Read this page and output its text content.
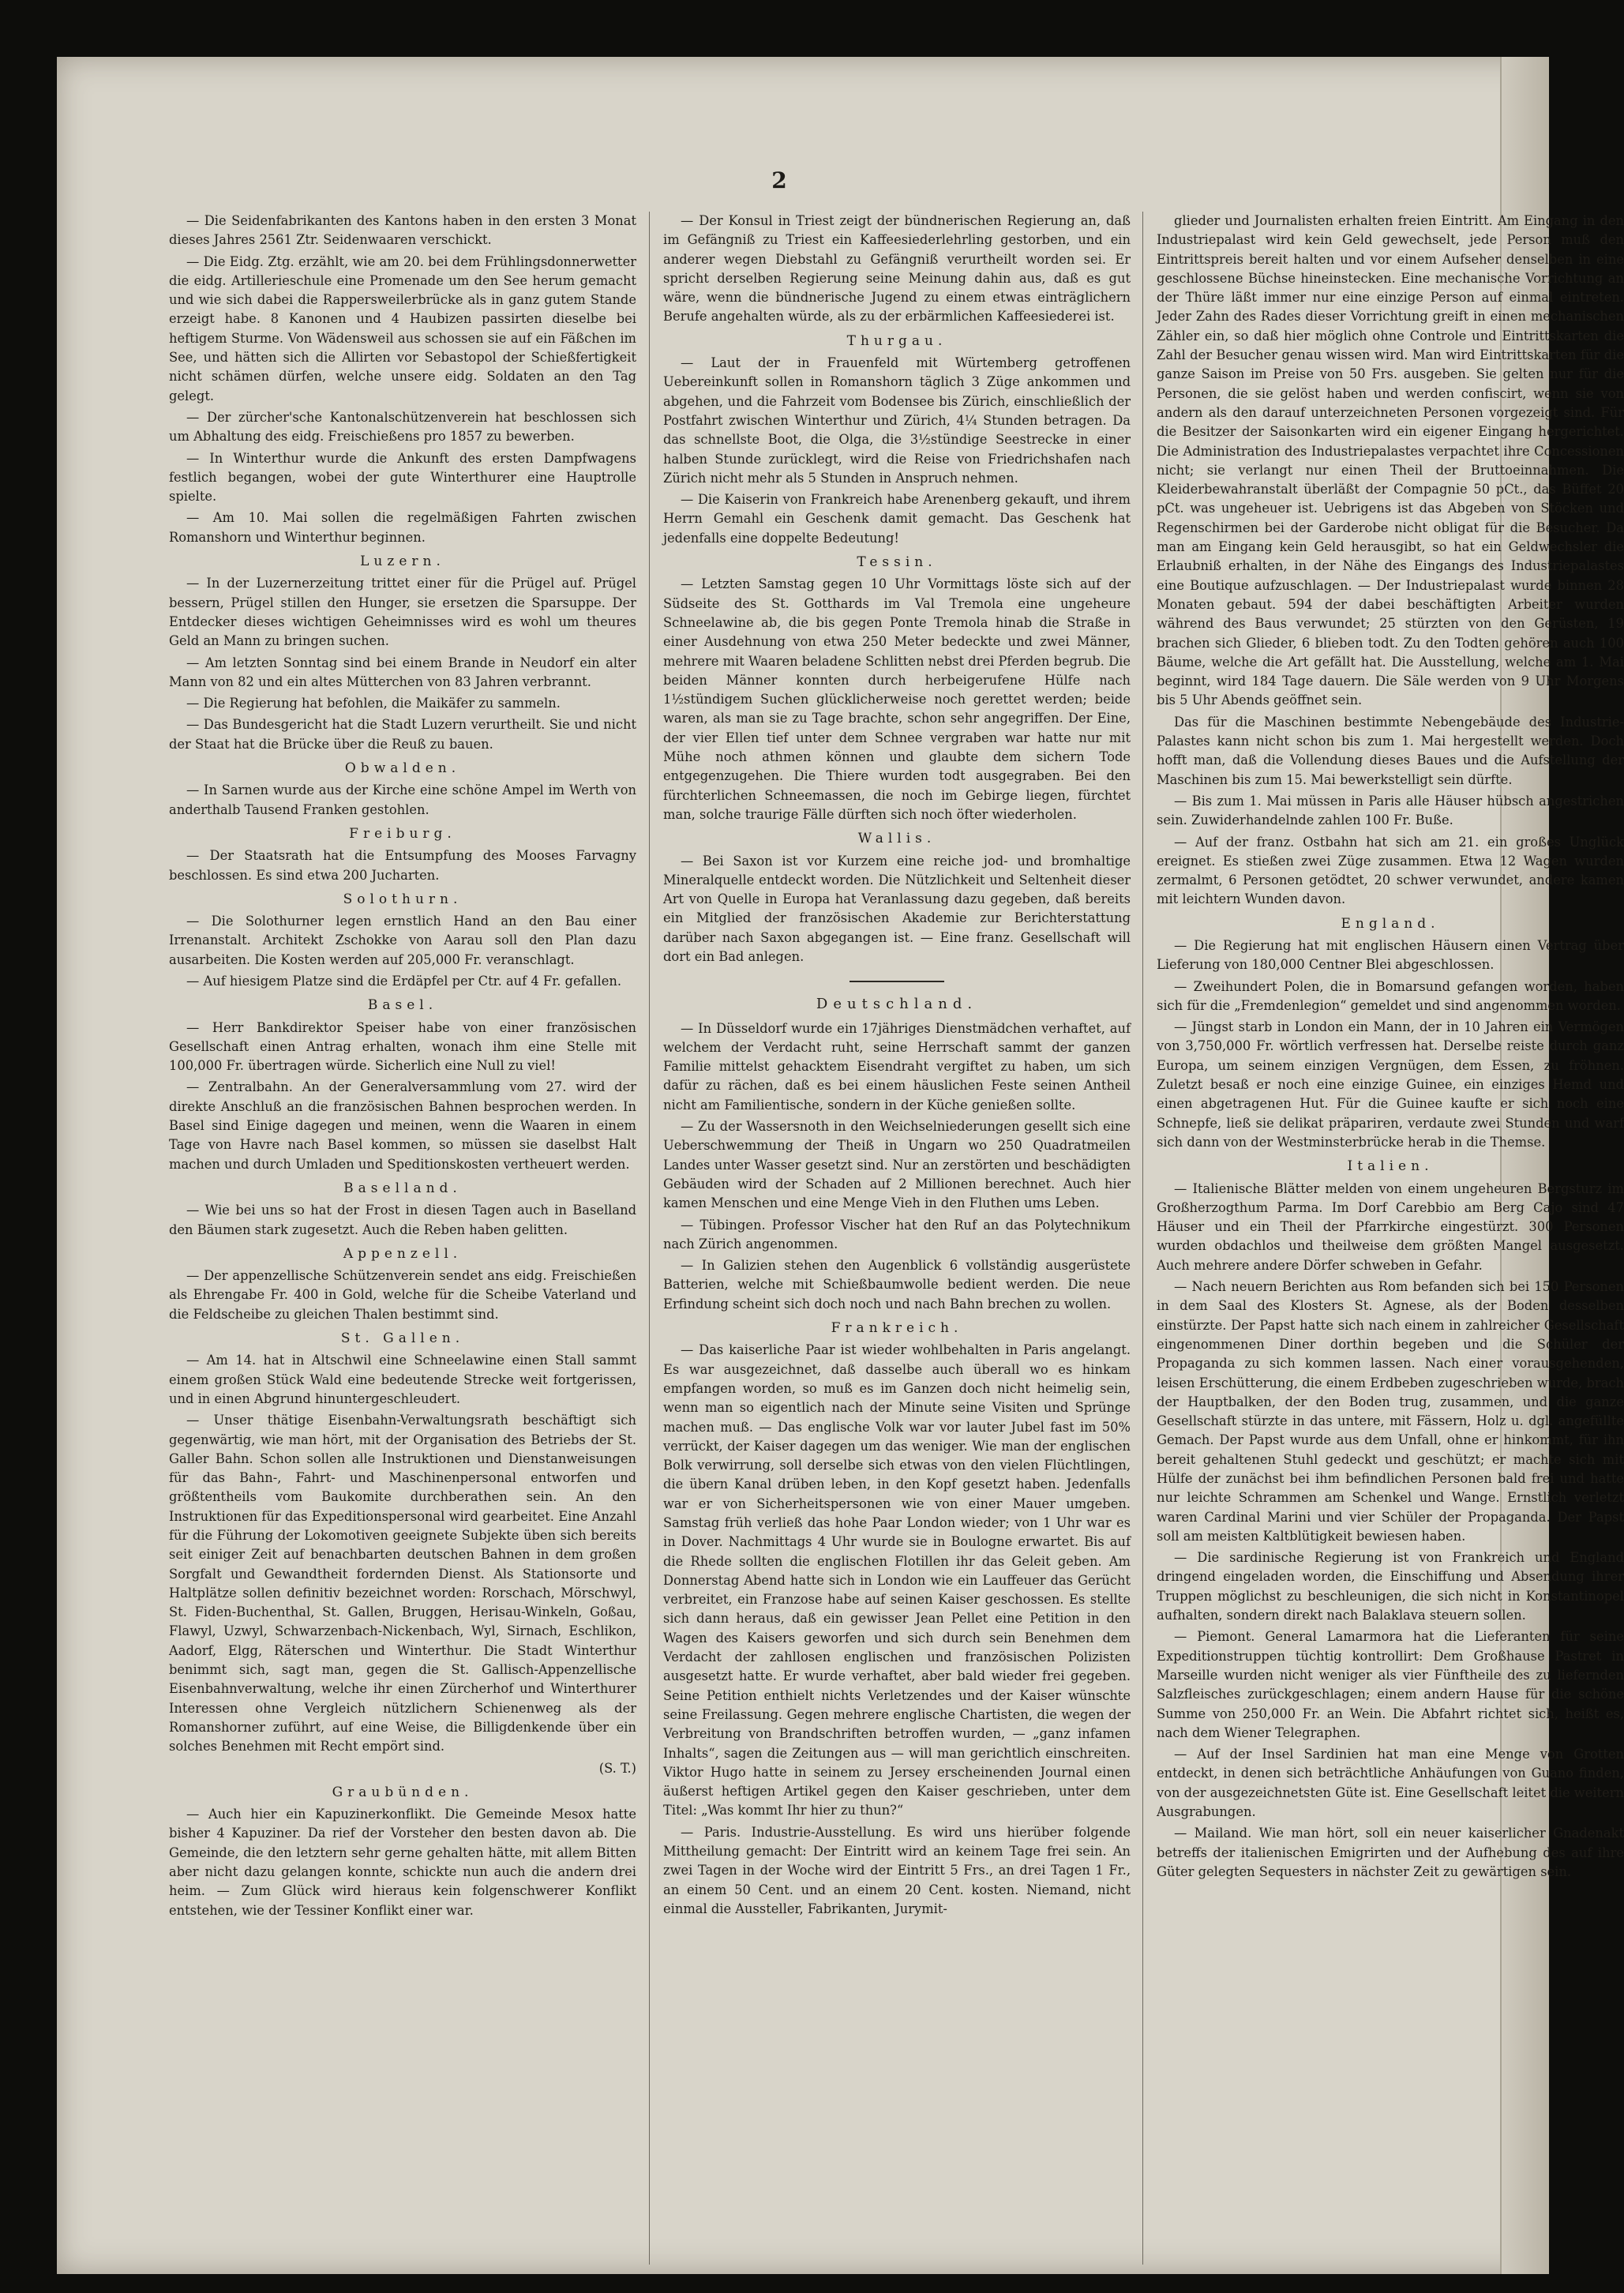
2

— Die Seidenfabrikanten des Kantons haben in den ersten 3 Monat dieses Jahres 2561 Ztr. Seidenwaaren verschickt.

— Die Eidg. Ztg. erzählt, wie am 20. bei dem Frühlingsdonnerwetter die eidg. Artillerieschule eine Promenade um den See herum gemacht und wie sich dabei die Rappersweilerbrücke als in ganz gutem Stande erzeigt habe. 8 Kanonen und 4 Haubizen passirten dieselbe bei heftigem Sturme. Von Wädensweil aus schossen sie auf ein Fäßchen im See, und hätten sich die Allirten vor Sebastopol der Schießfertigkeit nicht schämen dürfen, welche unsere eidg. Soldaten an den Tag gelegt.

— Der zürcher'sche Kantonalschützenverein hat beschlossen sich um Abhaltung des eidg. Freischießens pro 1857 zu bewerben.

— In Winterthur wurde die Ankunft des ersten Dampfwagens festlich begangen, wobei der gute Winterthurer eine Hauptrolle spielte.

— Am 10. Mai sollen die regelmäßigen Fahrten zwischen Romanshorn und Winterthur beginnen.

Luzern.

— In der Luzernerzeitung trittet einer für die Prügel auf. Prügel bessern, Prügel stillen den Hunger, sie ersetzen die Sparsuppe. Der Entdecker dieses wichtigen Geheimnisses wird es wohl um theures Geld an Mann zu bringen suchen.

— Am letzten Sonntag sind bei einem Brande in Neudorf ein alter Mann von 82 und ein altes Mütterchen von 83 Jahren verbrannt.

— Die Regierung hat befohlen, die Maikäfer zu sammeln.

— Das Bundesgericht hat die Stadt Luzern verurtheilt. Sie und nicht der Staat hat die Brücke über die Reuß zu bauen.

Obwalden.

— In Sarnen wurde aus der Kirche eine schöne Ampel im Werth von anderthalb Tausend Franken gestohlen.

Freiburg.

— Der Staatsrath hat die Entsumpfung des Mooses Farvagny beschlossen. Es sind etwa 200 Jucharten.

Solothurn.

— Die Solothurner legen ernstlich Hand an den Bau einer Irrenanstalt. Architekt Zschokke von Aarau soll den Plan dazu ausarbeiten. Die Kosten werden auf 205,000 Fr. veranschlagt.

— Auf hiesigem Platze sind die Erdäpfel per Ctr. auf 4 Fr. gefallen.

Basel.

— Herr Bankdirektor Speiser habe von einer französischen Gesellschaft einen Antrag erhalten, wonach ihm eine Stelle mit 100,000 Fr. übertragen würde. Sicherlich eine Null zu viel!

— Zentralbahn. An der Generalversammlung vom 27. wird der direkte Anschluß an die französischen Bahnen besprochen werden. In Basel sind Einige dagegen und meinen, wenn die Waaren in einem Tage von Havre nach Basel kommen, so müssen sie daselbst Halt machen und durch Umladen und Speditionskosten vertheuert werden.

Baselland.

— Wie bei uns so hat der Frost in diesen Tagen auch in Baselland den Bäumen stark zugesetzt. Auch die Reben haben gelitten.

Appenzell.

— Der appenzellische Schützenverein sendet ans eidg. Freischießen als Ehrengabe Fr. 400 in Gold, welche für die Scheibe Vaterland und die Feldscheibe zu gleichen Thalen bestimmt sind.

St. Gallen.

— Am 14. hat in Altschwil eine Schneelawine einen Stall sammt einem großen Stück Wald eine bedeutende Strecke weit fortgerissen, und in einen Abgrund hinuntergeschleudert.

— Unser thätige Eisenbahn-Verwaltungsrath beschäftigt sich gegenwärtig, wie man hört, mit der Organisation des Betriebs der St. Galler Bahn. Schon sollen alle Instruktionen und Dienstanweisungen für das Bahn-, Fahrt- und Maschinenpersonal entworfen und größtentheils vom Baukomite durchberathen sein. An den Instruktionen für das Expeditionspersonal wird gearbeitet. Eine Anzahl für die Führung der Lokomotiven geeignete Subjekte üben sich bereits seit einiger Zeit auf benachbarten deutschen Bahnen in dem großen Sorgfalt und Gewandtheit fordernden Dienst. Als Stationsorte und Haltplätze sollen definitiv bezeichnet worden: Rorschach, Mörschwyl, St. Fiden-Buchenthal, St. Gallen, Bruggen, Herisau-Winkeln, Goßau, Flawyl, Uzwyl, Schwarzenbach-Nickenbach, Wyl, Sirnach, Eschlikon, Aadorf, Elgg, Räterschen und Winterthur. Die Stadt Winterthur benimmt sich, sagt man, gegen die St. Gallisch-Appenzellische Eisenbahnverwaltung, welche ihr einen Zürcherhof und Winterthurer Interessen ohne Vergleich nützlichern Schienenweg als der Romanshorner zuführt, auf eine Weise, die Billigdenkende über ein solches Benehmen mit Recht empört sind.

(S. T.)

Graubünden.

— Auch hier ein Kapuzinerkonflikt. Die Gemeinde Mesox hatte bisher 4 Kapuziner. Da rief der Vorsteher den besten davon ab. Die Gemeinde, die den letztern sehr gerne gehalten hätte, mit allem Bitten aber nicht dazu gelangen konnte, schickte nun auch die andern drei heim. — Zum Glück wird hieraus kein folgenschwerer Konflikt entstehen, wie der Tessiner Konflikt einer war.

— Der Konsul in Triest zeigt der bündnerischen Regierung an, daß im Gefängniß zu Triest ein Kaffeesiederlehrling gestorben, und ein anderer wegen Diebstahl zu Gefängniß verurtheilt worden sei. Er spricht derselben Regierung seine Meinung dahin aus, daß es gut wäre, wenn die bündnerische Jugend zu einem etwas einträglichern Berufe angehalten würde, als zu der erbärmlichen Kaffeesiederei ist.

Thurgau.

— Laut der in Frauenfeld mit Würtemberg getroffenen Uebereinkunft sollen in Romanshorn täglich 3 Züge ankommen und abgehen, und die Fahrzeit vom Bodensee bis Zürich, einschließlich der Postfahrt zwischen Winterthur und Zürich, 4¼ Stunden betragen. Da das schnellste Boot, die Olga, die 3½stündige Seestrecke in einer halben Stunde zurücklegt, wird die Reise von Friedrichshafen nach Zürich nicht mehr als 5 Stunden in Anspruch nehmen.

— Die Kaiserin von Frankreich habe Arenenberg gekauft, und ihrem Herrn Gemahl ein Geschenk damit gemacht. Das Geschenk hat jedenfalls eine doppelte Bedeutung!

Tessin.

— Letzten Samstag gegen 10 Uhr Vormittags löste sich auf der Südseite des St. Gotthards im Val Tremola eine ungeheure Schneelawine ab, die bis gegen Ponte Tremola hinab die Straße in einer Ausdehnung von etwa 250 Meter bedeckte und zwei Männer, mehrere mit Waaren beladene Schlitten nebst drei Pferden begrub. Die beiden Männer konnten durch herbeigerufene Hülfe nach 1½stündigem Suchen glücklicherweise noch gerettet werden; beide waren, als man sie zu Tage brachte, schon sehr angegriffen. Der Eine, der vier Ellen tief unter dem Schnee vergraben war hatte nur mit Mühe noch athmen können und glaubte dem sichern Tode entgegenzugehen. Die Thiere wurden todt ausgegraben. Bei den fürchterlichen Schneemassen, die noch im Gebirge liegen, fürchtet man, solche traurige Fälle dürften sich noch öfter wiederholen.

Wallis.

— Bei Saxon ist vor Kurzem eine reiche jod- und bromhaltige Mineralquelle entdeckt worden. Die Nützlichkeit und Seltenheit dieser Art von Quelle in Europa hat Veranlassung dazu gegeben, daß bereits ein Mitglied der französischen Akademie zur Berichterstattung darüber nach Saxon abgegangen ist. — Eine franz. Gesellschaft will dort ein Bad anlegen.

Deutschland.

— In Düsseldorf wurde ein 17jähriges Dienstmädchen verhaftet, auf welchem der Verdacht ruht, seine Herrschaft sammt der ganzen Familie mittelst gehacktem Eisendraht vergiftet zu haben, um sich dafür zu rächen, daß es bei einem häuslichen Feste seinen Antheil nicht am Familientische, sondern in der Küche genießen sollte.

— Zu der Wassersnoth in den Weichselniederungen gesellt sich eine Ueberschwemmung der Theiß in Ungarn wo 250 Quadratmeilen Landes unter Wasser gesetzt sind. Nur an zerstörten und beschädigten Gebäuden wird der Schaden auf 2 Millionen berechnet. Auch hier kamen Menschen und eine Menge Vieh in den Fluthen ums Leben.

— Tübingen. Professor Vischer hat den Ruf an das Polytechnikum nach Zürich angenommen.

— In Galizien stehen den Augenblick 6 vollständig ausgerüstete Batterien, welche mit Schießbaumwolle bedient werden. Die neue Erfindung scheint sich doch noch und nach Bahn brechen zu wollen.

Frankreich.

— Das kaiserliche Paar ist wieder wohlbehalten in Paris angelangt. Es war ausgezeichnet, daß dasselbe auch überall wo es hinkam empfangen worden, so muß es im Ganzen doch nicht heimelig sein, wenn man so eigentlich nach der Minute seine Visiten und Sprünge machen muß. — Das englische Volk war vor lauter Jubel fast im 50% verrückt, der Kaiser dagegen um das weniger. Wie man der englischen Bolk verwirrung, soll derselbe sich etwas von den vielen Flüchtlingen, die übern Kanal drüben leben, in den Kopf gesetzt haben. Jedenfalls war er von Sicherheitspersonen wie von einer Mauer umgeben. Samstag früh verließ das hohe Paar London wieder; von 1 Uhr war es in Dover. Nachmittags 4 Uhr wurde sie in Boulogne erwartet. Bis auf die Rhede sollten die englischen Flotillen ihr das Geleit geben. Am Donnerstag Abend hatte sich in London wie ein Lauffeuer das Gerücht verbreitet, ein Franzose habe auf seinen Kaiser geschossen. Es stellte sich dann heraus, daß ein gewisser Jean Pellet eine Petition in den Wagen des Kaisers geworfen und sich durch sein Benehmen dem Verdacht der zahllosen englischen und französischen Polizisten ausgesetzt hatte. Er wurde verhaftet, aber bald wieder frei gegeben. Seine Petition enthielt nichts Verletzendes und der Kaiser wünschte seine Freilassung. Gegen mehrere englische Chartisten, die wegen der Verbreitung von Brandschriften betroffen wurden, — „ganz infamen Inhalts“, sagen die Zeitungen aus — will man gerichtlich einschreiten. Viktor Hugo hatte in seinem zu Jersey erscheinenden Journal einen äußerst heftigen Artikel gegen den Kaiser geschrieben, unter dem Titel: „Was kommt Ihr hier zu thun?“

— Paris. Industrie-Ausstellung. Es wird uns hierüber folgende Mittheilung gemacht: Der Eintritt wird an keinem Tage frei sein. An zwei Tagen in der Woche wird der Eintritt 5 Frs., an drei Tagen 1 Fr., an einem 50 Cent. und an einem 20 Cent. kosten. Niemand, nicht einmal die Aussteller, Fabrikanten, Jurymit-

glieder und Journalisten erhalten freien Eintritt. Am Eingang in den Industriepalast wird kein Geld gewechselt, jede Person muß den Eintrittspreis bereit halten und vor einem Aufseher denselben in eine geschlossene Büchse hineinstecken. Eine mechanische Vorrichtung an der Thüre läßt immer nur eine einzige Person auf einmal eintreten. Jeder Zahn des Rades dieser Vorrichtung greift in einen mechanischen Zähler ein, so daß hier möglich ohne Controle und Eintrittskarten die Zahl der Besucher genau wissen wird. Man wird Eintrittskarten für die ganze Saison im Preise von 50 Frs. ausgeben. Sie gelten nur für die Personen, die sie gelöst haben und werden confiscirt, wenn sie von andern als den darauf unterzeichneten Personen vorgezeigt sind. Für die Besitzer der Saisonkarten wird ein eigener Eingang hergerichtet. Die Administration des Industriepalastes verpachtet ihre Concessionen nicht; sie verlangt nur einen Theil der Bruttoeinnahmen. Die Kleiderbewahranstalt überläßt der Compagnie 50 pCt., das Büffet 20 pCt. was ungeheuer ist. Uebrigens ist das Abgeben von Stöcken und Regenschirmen bei der Garderobe nicht obligat für die Besucher. Da man am Eingang kein Geld herausgibt, so hat ein Geldwechsler die Erlaubniß erhalten, in der Nähe des Eingangs des Industriepalastes eine Boutique aufzuschlagen. — Der Industriepalast wurde binnen 28 Monaten gebaut. 594 der dabei beschäftigten Arbeiter wurden während des Baus verwundet; 25 stürzten von den Gerüsten, 19 brachen sich Glieder, 6 blieben todt. Zu den Todten gehören auch 100 Bäume, welche die Art gefällt hat. Die Ausstellung, welche am 1. Mai beginnt, wird 184 Tage dauern. Die Säle werden von 9 Uhr Morgens bis 5 Uhr Abends geöffnet sein.

Das für die Maschinen bestimmte Nebengebäude des Industrie-Palastes kann nicht schon bis zum 1. Mai hergestellt werden. Doch hofft man, daß die Vollendung dieses Baues und die Aufstellung der Maschinen bis zum 15. Mai bewerkstelligt sein dürfte.

— Bis zum 1. Mai müssen in Paris alle Häuser hübsch angestrichen sein. Zuwiderhandelnde zahlen 100 Fr. Buße.

— Auf der franz. Ostbahn hat sich am 21. ein großes Unglück ereignet. Es stießen zwei Züge zusammen. Etwa 12 Wagen wurden zermalmt, 6 Personen getödtet, 20 schwer verwundet, andere kamen mit leichtern Wunden davon.

England.

— Die Regierung hat mit englischen Häusern einen Vertrag über Lieferung von 180,000 Centner Blei abgeschlossen.

— Zweihundert Polen, die in Bomarsund gefangen worden, haben sich für die „Fremdenlegion“ gemeldet und sind angenommen worden.

— Jüngst starb in London ein Mann, der in 10 Jahren ein Vermögen von 3,750,000 Fr. wörtlich verfressen hat. Derselbe reiste durch ganz Europa, um seinem einzigen Vergnügen, dem Essen, zu fröhnen. Zuletzt besaß er noch eine einzige Guinee, ein einziges Hemd und einen abgetragenen Hut. Für die Guinee kaufte er sich noch eine Schnepfe, ließ sie delikat präpariren, verdaute zwei Stunden und warf sich dann von der Westminsterbrücke herab in die Themse.

Italien.

— Italienische Blätter melden von einem ungeheuren Bergsturz im Großherzogthum Parma. Im Dorf Carebbio am Berg Cajo sind 47 Häuser und ein Theil der Pfarrkirche eingestürzt. 300 Personen wurden obdachlos und theilweise dem größten Mangel ausgesetzt. Auch mehrere andere Dörfer schweben in Gefahr.

— Nach neuern Berichten aus Rom befanden sich bei 150 Personen in dem Saal des Klosters St. Agnese, als der Boden desselben einstürzte. Der Papst hatte sich nach einem in zahlreicher Gesellschaft eingenommenen Diner dorthin begeben und die Schüler der Propaganda zu sich kommen lassen. Nach einer vorausgehenden, leisen Erschütterung, die einem Erdbeben zugeschrieben wurde, brach der Hauptbalken, der den Boden trug, zusammen, und die ganze Gesellschaft stürzte in das untere, mit Fässern, Holz u. dgl. angefüllte Gemach. Der Papst wurde aus dem Unfall, ohne er hinkommt, für ihn bereit gehaltenen Stuhl gedeckt und geschützt; er machte sich mit Hülfe der zunächst bei ihm befindlichen Personen bald frei und hatte nur leichte Schrammen am Schenkel und Wange. Ernstlich verletzt waren Cardinal Marini und vier Schüler der Propaganda. Der Papst soll am meisten Kaltblütigkeit bewiesen haben.

— Die sardinische Regierung ist von Frankreich und England dringend eingeladen worden, die Einschiffung und Absendung ihrer Truppen möglichst zu beschleunigen, die sich nicht in Konstantinopel aufhalten, sondern direkt nach Balaklava steuern sollen.

— Piemont. General Lamarmora hat die Lieferanten für seine Expeditionstruppen tüchtig kontrollirt: Dem Großhause Pastret in Marseille wurden nicht weniger als vier Fünftheile des zu liefernden Salzfleisches zurückgeschlagen; einem andern Hause für die schöne Summe von 250,000 Fr. an Wein. Die Abfahrt richtet sich, heißt es, nach dem Wiener Telegraphen.

— Auf der Insel Sardinien hat man eine Menge von Grotten entdeckt, in denen sich beträchtliche Anhäufungen von Guano finden, von der ausgezeichnetsten Güte ist. Eine Gesellschaft leitet die weitern Ausgrabungen.

— Mailand. Wie man hört, soll ein neuer kaiserlicher Gnadenakt betreffs der italienischen Emigrirten und der Aufhebung des auf ihre Güter gelegten Sequesters in nächster Zeit zu gewärtigen sein.
